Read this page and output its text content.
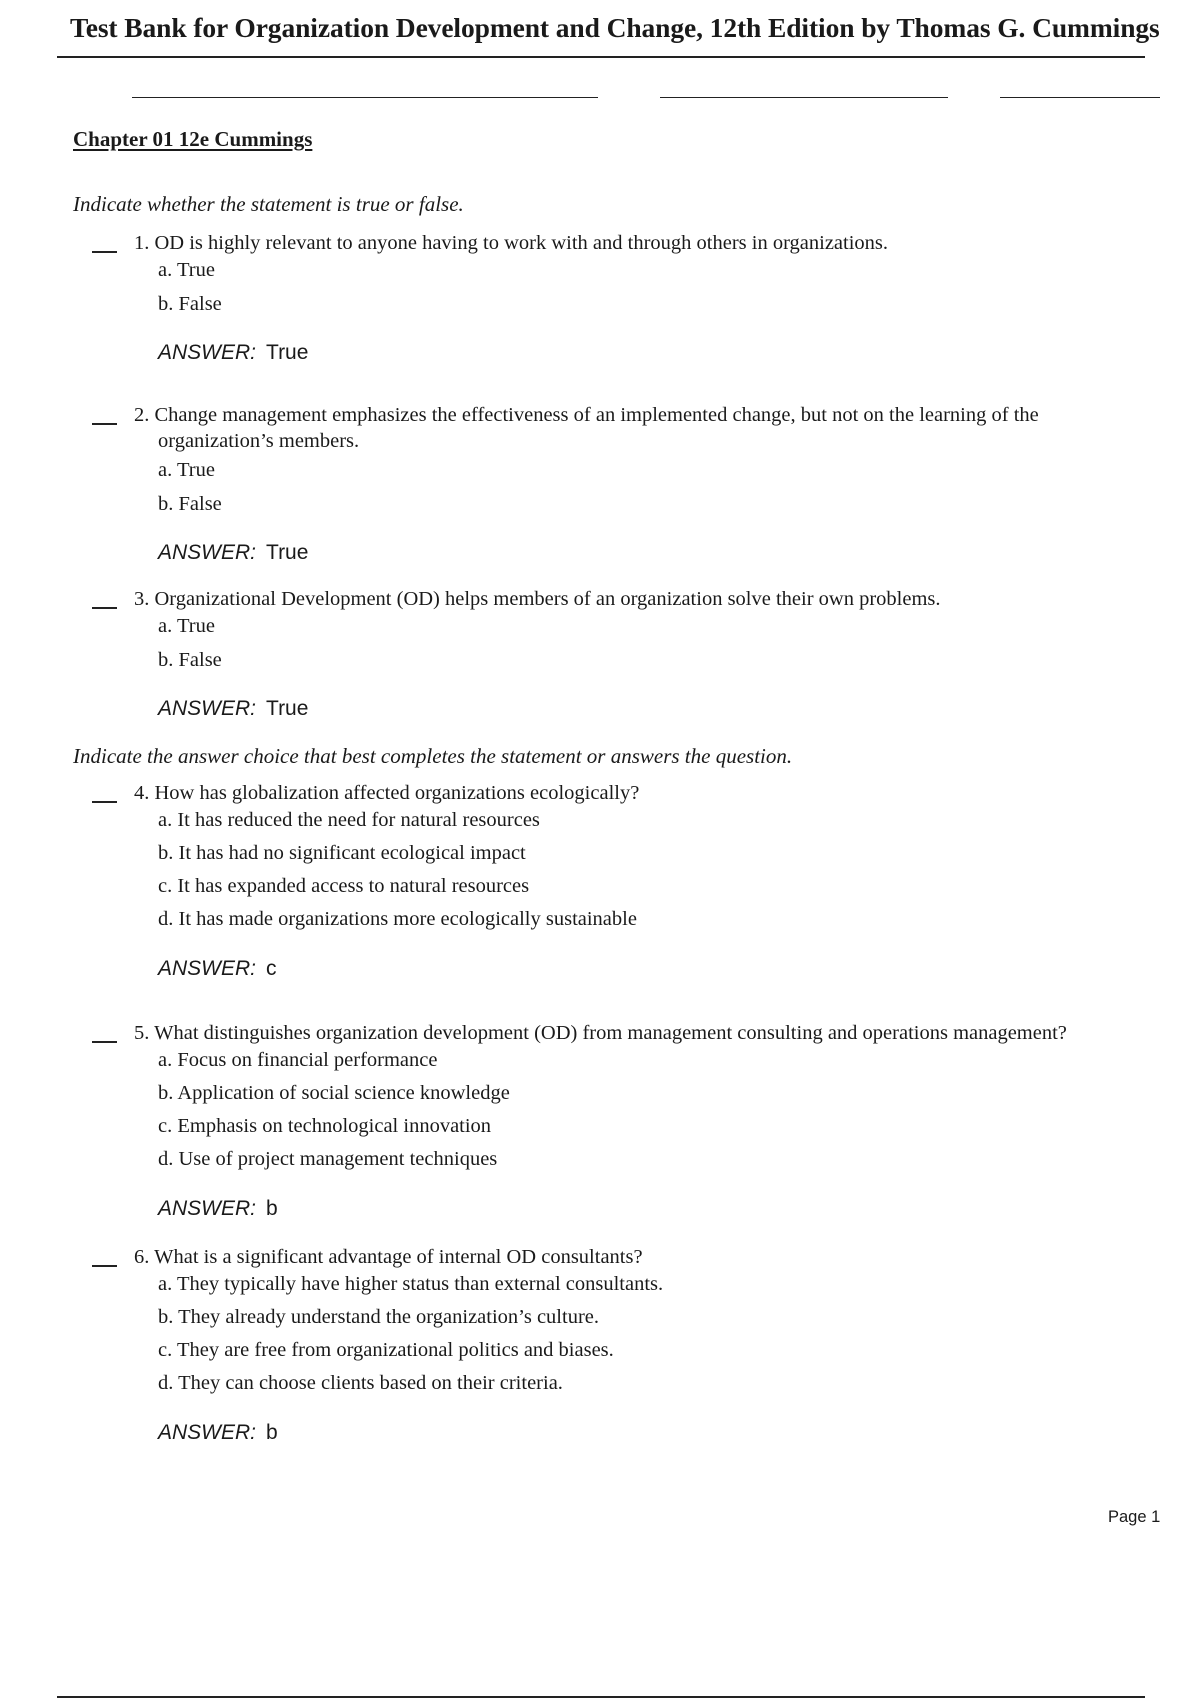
Test Bank for Organization Development and Change, 12th Edition by Thomas G. Cummings
Chapter 01 12e Cummings
Indicate whether the statement is true or false.
1. OD is highly relevant to anyone having to work with and through others in organizations.
a. True
b. False
ANSWER: True
2. Change management emphasizes the effectiveness of an implemented change, but not on the learning of the
organization’s members.
a. True
b. False
ANSWER: True
3. Organizational Development (OD) helps members of an organization solve their own problems.
a. True
b. False
ANSWER: True
Indicate the answer choice that best completes the statement or answers the question.
4. How has globalization affected organizations ecologically?
a. It has reduced the need for natural resources
b. It has had no significant ecological impact
c. It has expanded access to natural resources
d. It has made organizations more ecologically sustainable
ANSWER: c
5. What distinguishes organization development (OD) from management consulting and operations management?
a. Focus on financial performance
b. Application of social science knowledge
c. Emphasis on technological innovation
d. Use of project management techniques
ANSWER: b
6. What is a significant advantage of internal OD consultants?
a. They typically have higher status than external consultants.
b. They already understand the organization’s culture.
c. They are free from organizational politics and biases.
d. They can choose clients based on their criteria.
ANSWER: b
Page 1
